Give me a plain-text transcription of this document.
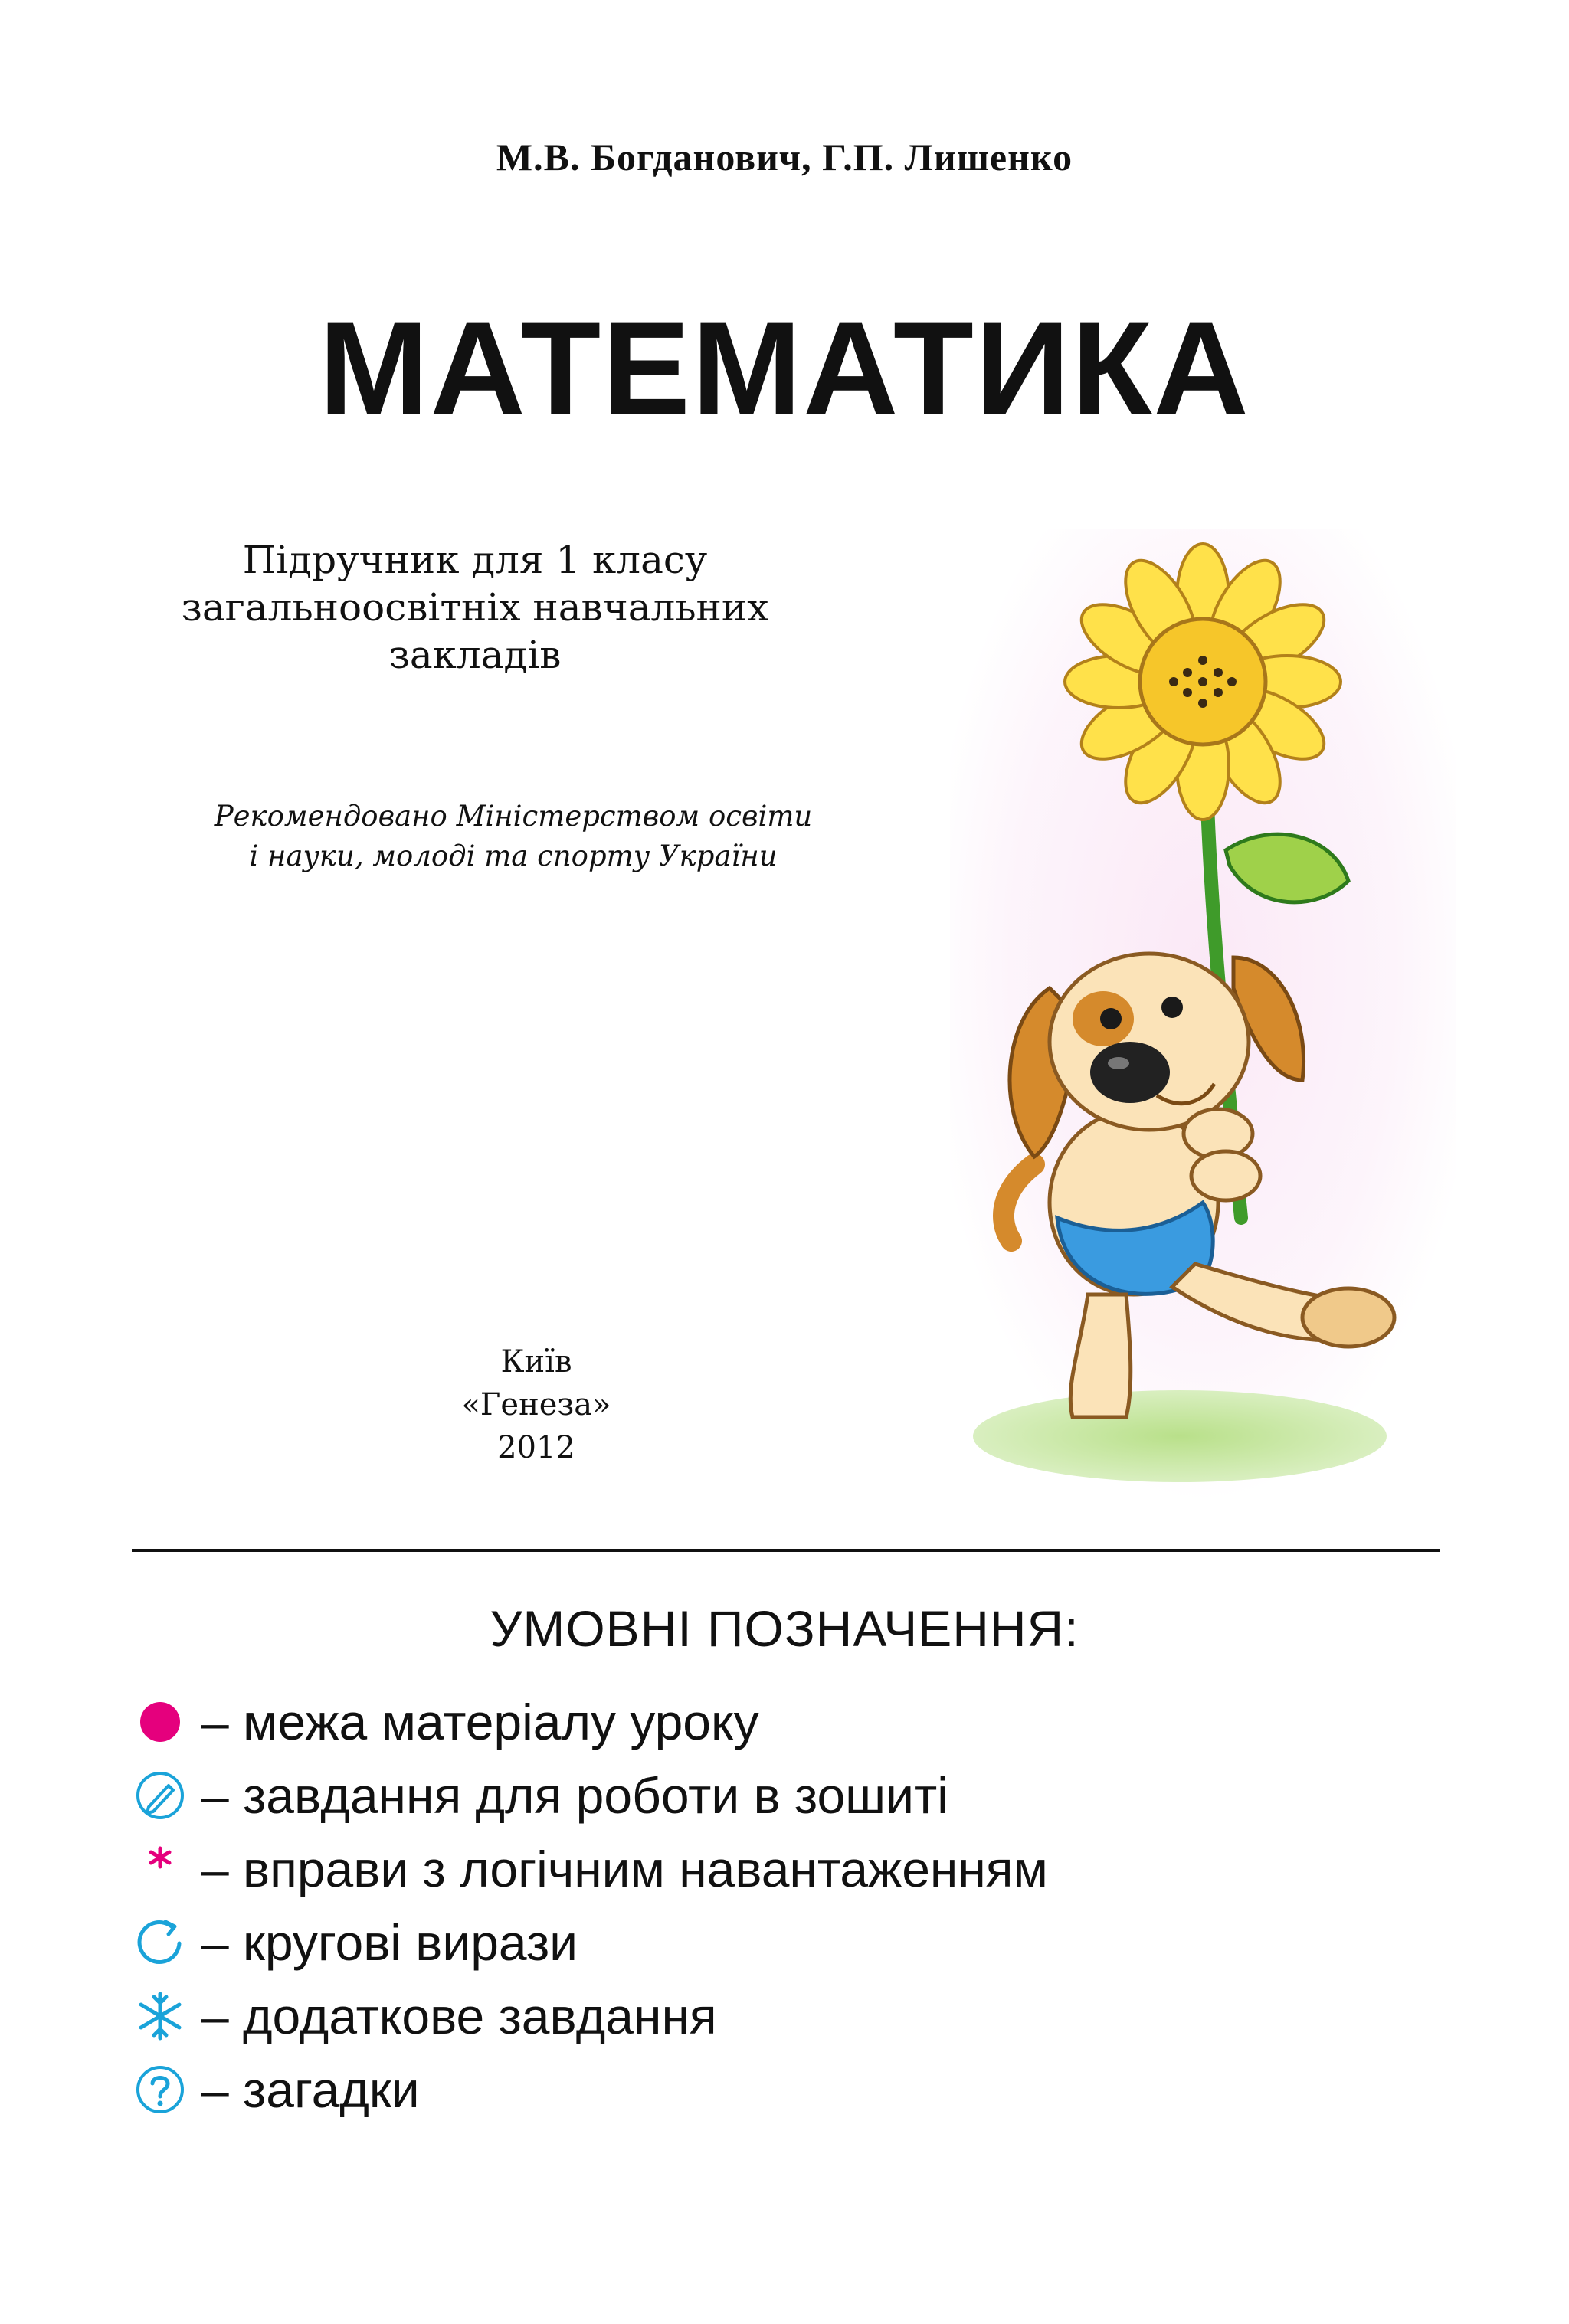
М.В. Богданович, Г.П. Лишенко
МАТЕМАТИКА
Підручник для 1 класу
загальноосвітніх навчальних
закладів
Рекомендовано Міністерством освіти
і науки, молоді та спорту України
Київ
«Генеза»
2012
УМОВНІ ПОЗНАЧЕННЯ:
– межа матеріалу уроку
– завдання для роботи в зошиті
– вправи з логічним навантаженням
– кругові вирази
– додаткове завдання
– загадки
